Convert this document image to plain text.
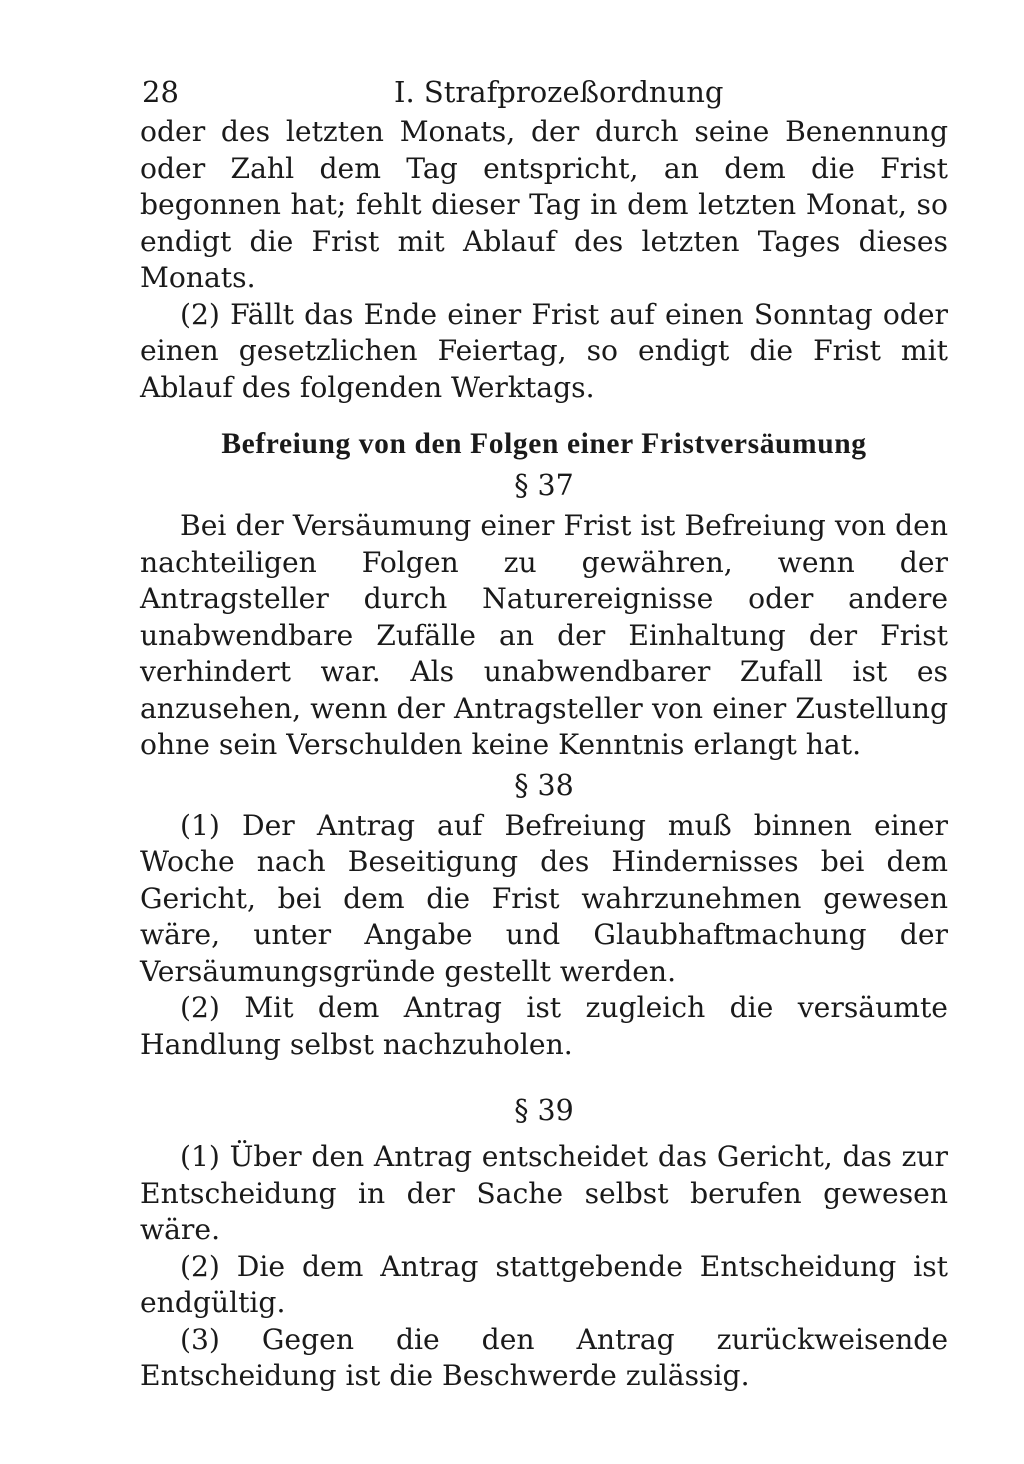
28	I. Strafprozeßordnung

oder des letzten Monats, der durch seine Benennung oder Zahl dem Tag entspricht, an dem die Frist begonnen hat; fehlt dieser Tag in dem letzten Monat, so endigt die Frist mit Ablauf des letzten Tages dieses Monats.

(2) Fällt das Ende einer Frist auf einen Sonntag oder einen gesetzlichen Feiertag, so endigt die Frist mit Ablauf des folgenden Werktags.

Befreiung von den Folgen einer Fristversäumung

§ 37

Bei der Versäumung einer Frist ist Befreiung von den nachteiligen Folgen zu gewähren, wenn der Antragsteller durch Naturereignisse oder andere unabwendbare Zufälle an der Einhaltung der Frist verhindert war. Als unabwendbarer Zufall ist es anzusehen, wenn der Antragsteller von einer Zustellung ohne sein Verschulden keine Kenntnis erlangt hat.

§ 38

(1) Der Antrag auf Befreiung muß binnen einer Woche nach Beseitigung des Hindernisses bei dem Gericht, bei dem die Frist wahrzunehmen gewesen wäre, unter Angabe und Glaubhaftmachung der Versäumungsgründe gestellt werden.

(2) Mit dem Antrag ist zugleich die versäumte Handlung selbst nachzuholen.

§ 39

(1) Über den Antrag entscheidet das Gericht, das zur Entscheidung in der Sache selbst berufen gewesen wäre.

(2) Die dem Antrag stattgebende Entscheidung ist endgültig.

(3) Gegen die den Antrag zurückweisende Entscheidung ist die Beschwerde zulässig.
